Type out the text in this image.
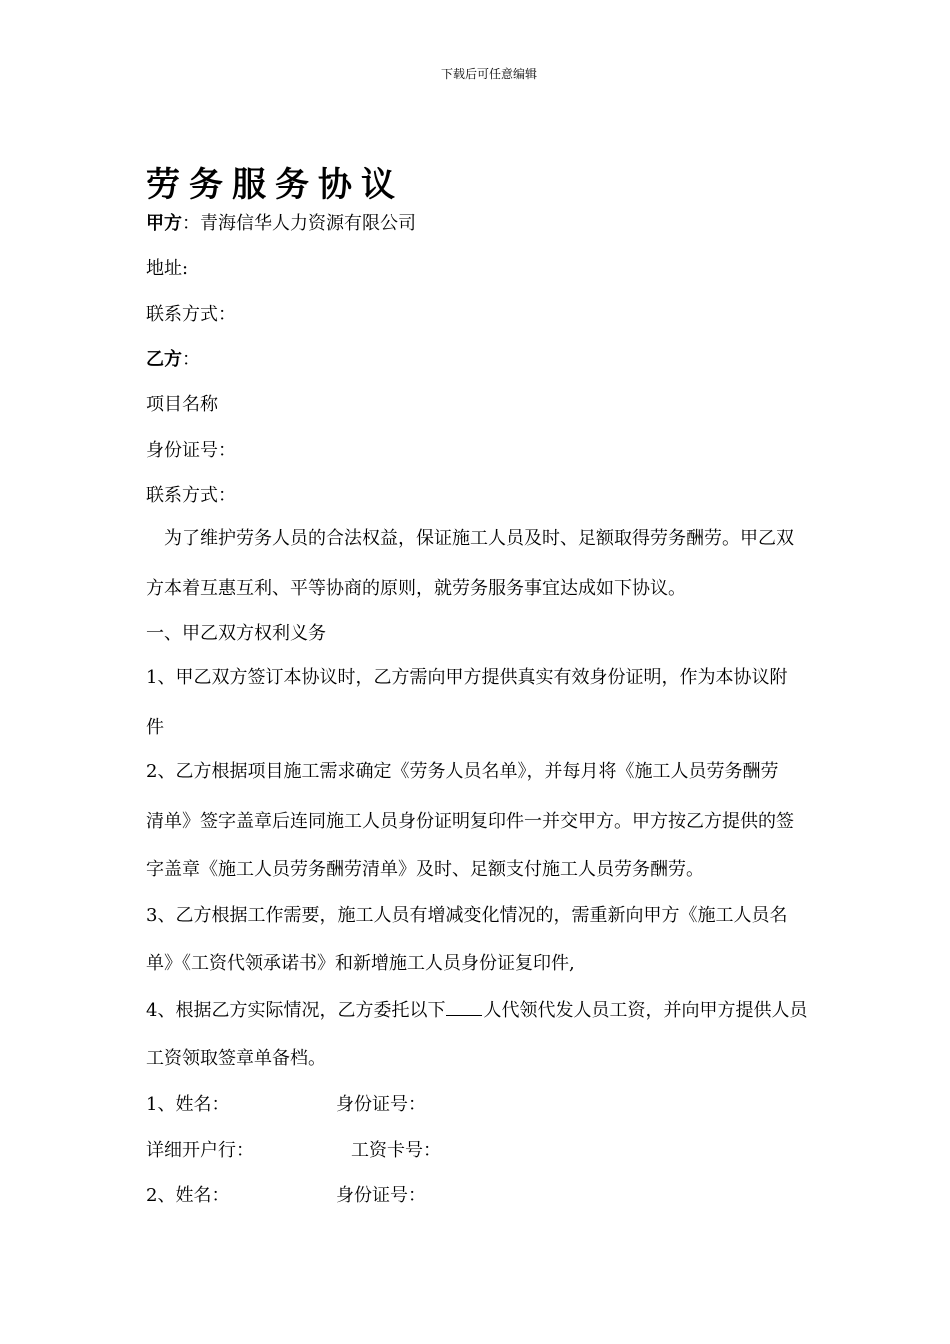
下载后可任意编辑
劳务服务协议
甲方：青海信华人力资源有限公司
地址:
联系方式：
乙方：
项目名称
身份证号：
联系方式：
为了维护劳务人员的合法权益，保证施工人员及时、足额取得劳务酬劳。甲乙双
方本着互惠互利、平等协商的原则，就劳务服务事宜达成如下协议。
一、甲乙双方权利义务
1、甲乙双方签订本协议时，乙方需向甲方提供真实有效身份证明，作为本协议附
件
2、乙方根据项目施工需求确定《劳务人员名单》，并每月将《施工人员劳务酬劳
清单》签字盖章后连同施工人员身份证明复印件一并交甲方。甲方按乙方提供的签
字盖章《施工人员劳务酬劳清单》及时、足额支付施工人员劳务酬劳。
3、乙方根据工作需要，施工人员有增减变化情况的，需重新向甲方《施工人员名
单》《工资代领承诺书》和新增施工人员身份证复印件,
4、根据乙方实际情况，乙方委托以下 人代领代发人员工资，并向甲方提供人员
工资领取签章单备档。
1、姓名：	身份证号：
详细开户行：	工资卡号：
2、姓名：	身份证号：
